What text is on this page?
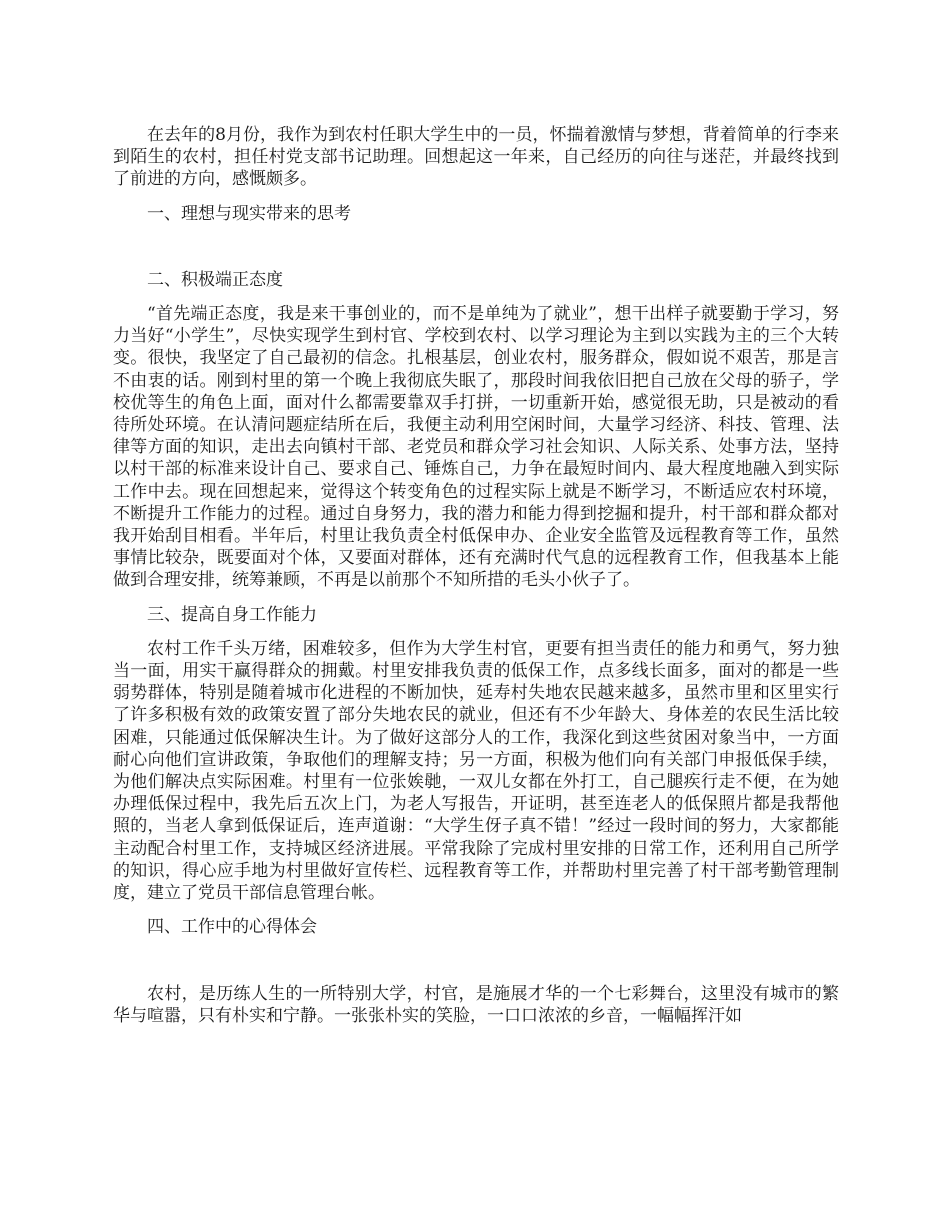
在去年的8月份，我作为到农村任职大学生中的一员，怀揣着激情与梦想，背着简单的行李来到陌生的农村，担任村党支部书记助理。回想起这一年来，自己经历的向往与迷茫，并最终找到了前进的方向，感慨颇多。

一、理想与现实带来的思考

二、积极端正态度

“首先端正态度，我是来干事创业的，而不是单纯为了就业”，想干出样子就要勤于学习，努力当好“小学生”，尽快实现学生到村官、学校到农村、以学习理论为主到以实践为主的三个大转变。很快，我坚定了自己最初的信念。扎根基层，创业农村，服务群众，假如说不艰苦，那是言不由衷的话。刚到村里的第一个晚上我彻底失眠了，那段时间我依旧把自己放在父母的骄子，学校优等生的角色上面，面对什么都需要靠双手打拼，一切重新开始，感觉很无助，只是被动的看待所处环境。在认清问题症结所在后，我便主动利用空闲时间，大量学习经济、科技、管理、法律等方面的知识，走出去向镇村干部、老党员和群众学习社会知识、人际关系、处事方法，坚持以村干部的标准来设计自己、要求自己、锤炼自己，力争在最短时间内、最大程度地融入到实际工作中去。现在回想起来，觉得这个转变角色的过程实际上就是不断学习，不断适应农村环境，不断提升工作能力的过程。通过自身努力，我的潜力和能力得到挖掘和提升，村干部和群众都对我开始刮目相看。半年后，村里让我负责全村低保申办、企业安全监管及远程教育等工作，虽然事情比较杂，既要面对个体，又要面对群体，还有充满时代气息的远程教育工作，但我基本上能做到合理安排，统筹兼顾，不再是以前那个不知所措的毛头小伙子了。

三、提高自身工作能力

农村工作千头万绪，困难较多，但作为大学生村官，更要有担当责任的能力和勇气，努力独当一面，用实干赢得群众的拥戴。村里安排我负责的低保工作，点多线长面多，面对的都是一些弱势群体，特别是随着城市化进程的不断加快，延寿村失地农民越来越多，虽然市里和区里实行了许多积极有效的政策安置了部分失地农民的就业，但还有不少年龄大、身体差的农民生活比较困难，只能通过低保解决生计。为了做好这部分人的工作，我深化到这些贫困对象当中，一方面耐心向他们宣讲政策，争取他们的理解支持；另一方面，积极为他们向有关部门申报低保手续，为他们解决点实际困难。村里有一位张娭毑，一双儿女都在外打工，自己腿疾行走不便，在为她办理低保过程中，我先后五次上门，为老人写报告，开证明，甚至连老人的低保照片都是我帮他照的，当老人拿到低保证后，连声道谢：“大学生伢子真不错！”经过一段时间的努力，大家都能主动配合村里工作，支持城区经济进展。平常我除了完成村里安排的日常工作，还利用自己所学的知识，得心应手地为村里做好宣传栏、远程教育等工作，并帮助村里完善了村干部考勤管理制度，建立了党员干部信息管理台帐。

四、工作中的心得体会

农村，是历练人生的一所特别大学，村官，是施展才华的一个七彩舞台，这里没有城市的繁华与喧嚣，只有朴实和宁静。一张张朴实的笑脸，一口口浓浓的乡音，一幅幅挥汗如
